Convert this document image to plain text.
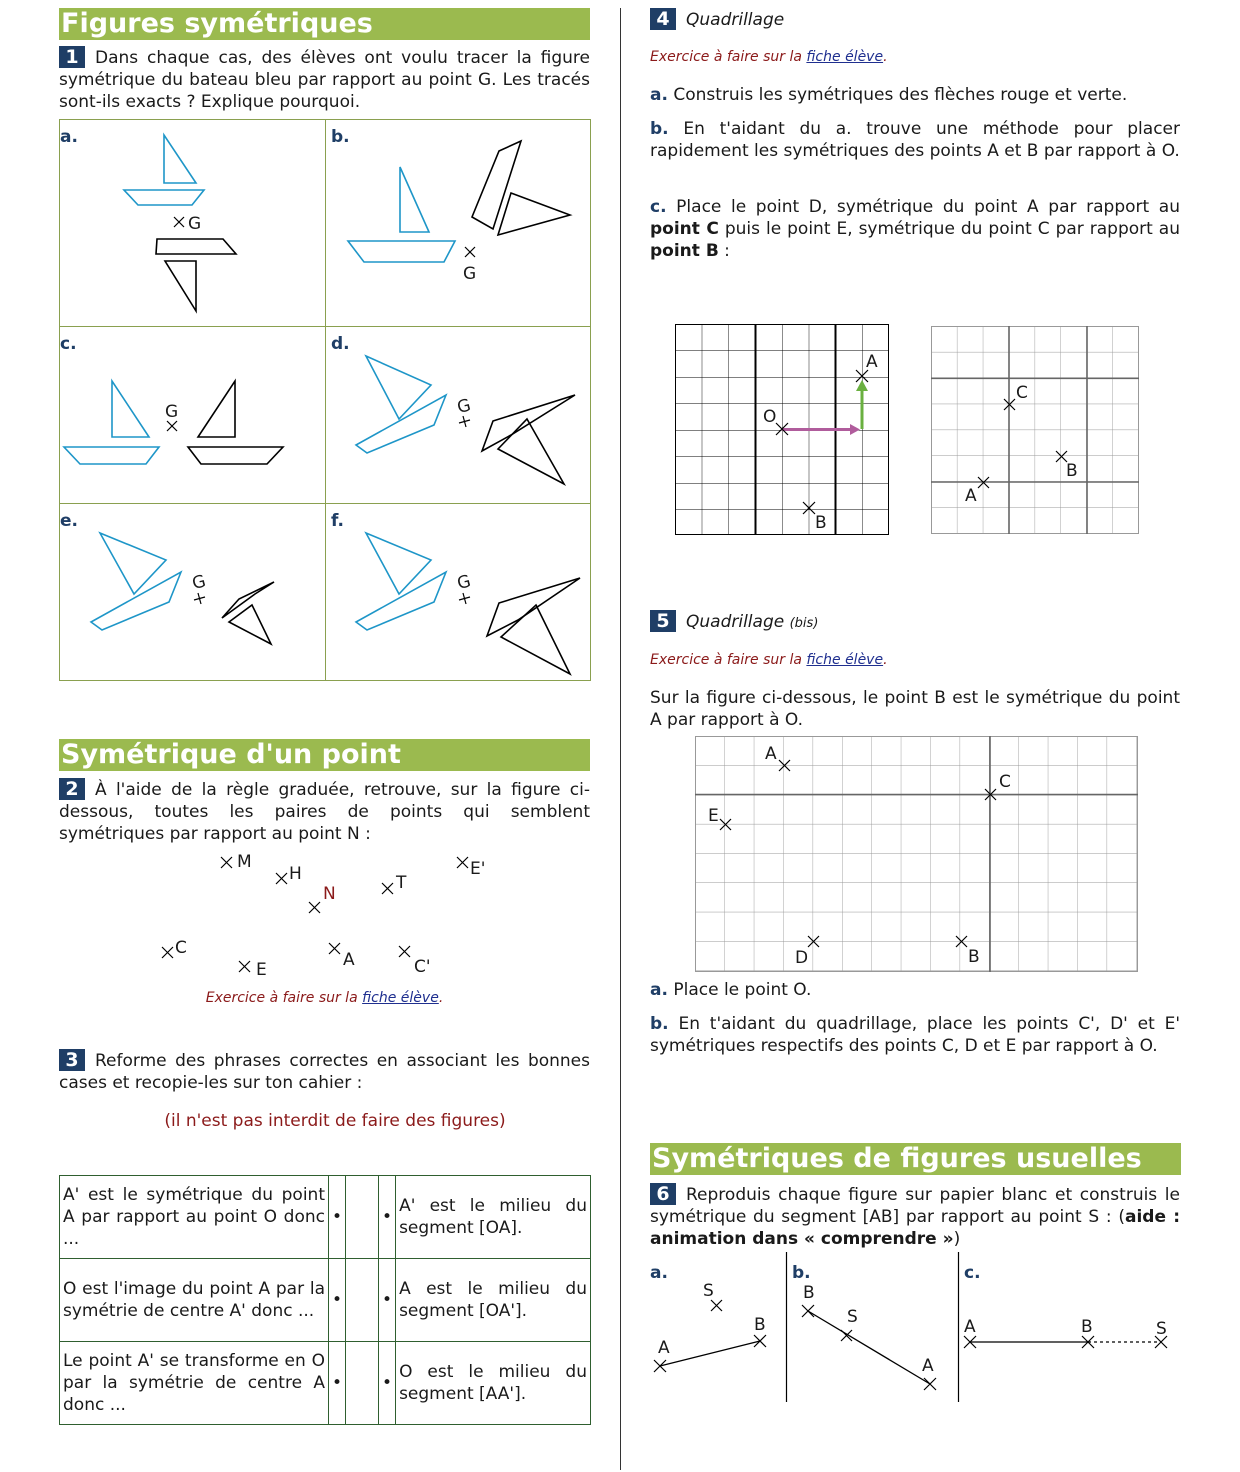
Figures symétriques
1 Dans chaque cas, des élèves ont voulu tracer la figure symétrique du bateau bleu par rapport au point G. Les tracés sont-ils exacts ? Explique pourquoi.
a.	b.
c.	d.
e.	f.
G
G
G	G
G	G
Symétrique d'un point
2 À l'aide de la règle graduée, retrouve, sur la figure ci-dessous, toutes les paires de points qui semblent symétriques par rapport au point N :
M
H
N
T
E'
C
A	C'
E
Exercice à faire sur la fiche élève.
3 Reforme des phrases correctes en associant les bonnes cases et recopie-les sur ton cahier :
(il n'est pas interdit de faire des figures)
A' est le symétrique du point A par rapport au point O donc ...	•		•	A' est le milieu du segment [OA].
O est l'image du point A par la symétrie de centre A' donc ...	•		•	A est le milieu du segment [OA'].
Le point A' se transforme en O par la symétrie de centre A donc ...	•		•	O est le milieu du segment [AA'].
4 Quadrillage
Exercice à faire sur la fiche élève.
a. Construis les symétriques des flèches rouge et verte.
b. En t'aidant du a. trouve une méthode pour placer rapidement les symétriques des points A et B par rapport à O.
c. Place le point D, symétrique du point A par rapport au point C puis le point E, symétrique du point C par rapport au point B :
A
O
B
C
B
A
5 Quadrillage (bis)
Exercice à faire sur la fiche élève.
Sur la figure ci-dessous, le point B est le symétrique du point A par rapport à O.
A
C
E
D	B
a. Place le point O.
b. En t'aidant du quadrillage, place les points C', D' et E' symétriques respectifs des points C, D et E par rapport à O.
Symétriques de figures usuelles
6 Reproduis chaque figure sur papier blanc et construis le symétrique du segment [AB] par rapport au point S : (aide : animation dans « comprendre »)
a.	b.	c.
S
B
A
B
S
A
A	B	S
